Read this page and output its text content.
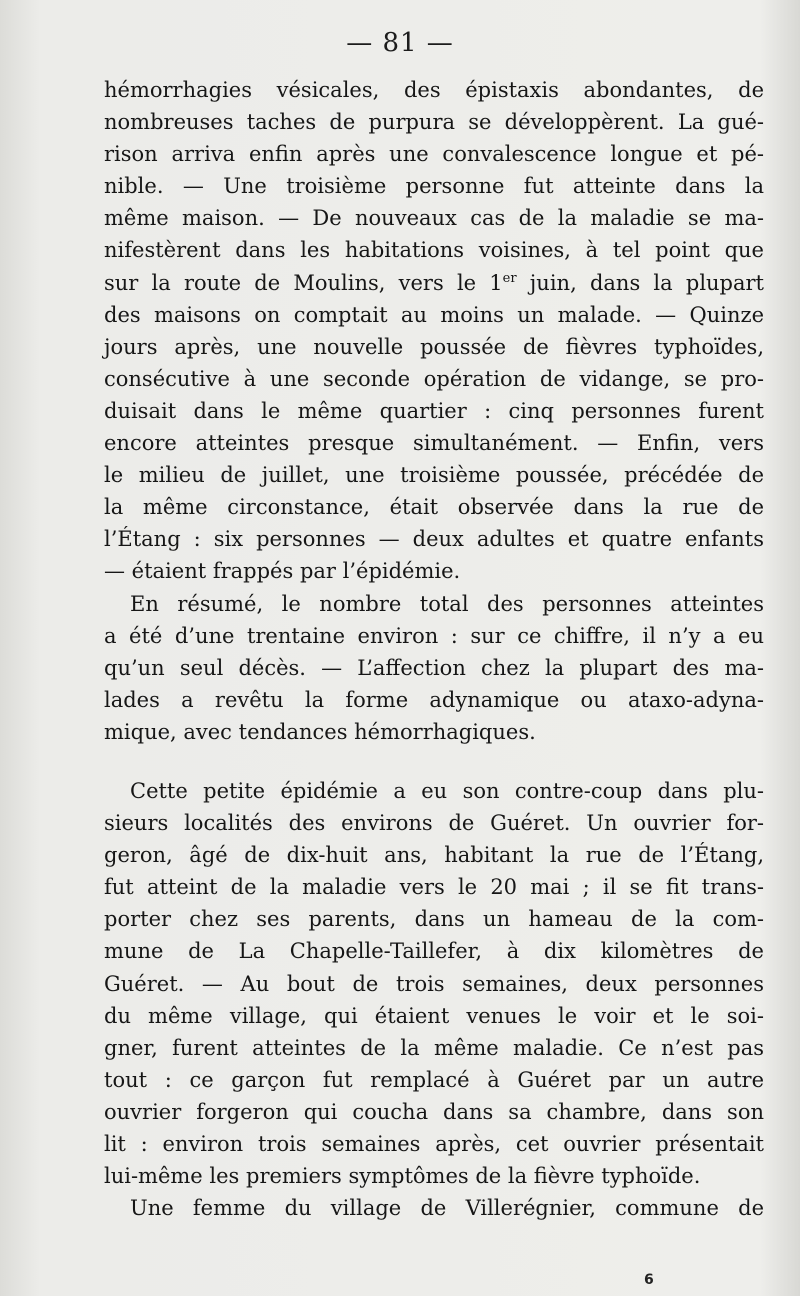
— 81 —
hémorrhagies vésicales, des épistaxis abondantes, de
nombreuses taches de purpura se développèrent. La gué-
rison arriva enfin après une convalescence longue et pé-
nible. — Une troisième personne fut atteinte dans la
même maison. — De nouveaux cas de la maladie se ma-
nifestèrent dans les habitations voisines, à tel point que
sur la route de Moulins, vers le 1er juin, dans la plupart
des maisons on comptait au moins un malade. — Quinze
jours après, une nouvelle poussée de fièvres typhoïdes,
consécutive à une seconde opération de vidange, se pro-
duisait dans le même quartier : cinq personnes furent
encore atteintes presque simultanément. — Enfin, vers
le milieu de juillet, une troisième poussée, précédée de
la même circonstance, était observée dans la rue de
l’Étang : six personnes — deux adultes et quatre enfants
— étaient frappés par l’épidémie.
En résumé, le nombre total des personnes atteintes
a été d’une trentaine environ : sur ce chiffre, il n’y a eu
qu’un seul décès. — L’affection chez la plupart des ma-
lades a revêtu la forme adynamique ou ataxo-adyna-
mique, avec tendances hémorrhagiques.
Cette petite épidémie a eu son contre-coup dans plu-
sieurs localités des environs de Guéret. Un ouvrier for-
geron, âgé de dix-huit ans, habitant la rue de l’Étang,
fut atteint de la maladie vers le 20 mai ; il se fit trans-
porter chez ses parents, dans un hameau de la com-
mune de La Chapelle-Taillefer, à dix kilomètres de
Guéret. — Au bout de trois semaines, deux personnes
du même village, qui étaient venues le voir et le soi-
gner, furent atteintes de la même maladie. Ce n’est pas
tout : ce garçon fut remplacé à Guéret par un autre
ouvrier forgeron qui coucha dans sa chambre, dans son
lit : environ trois semaines après, cet ouvrier présentait
lui-même les premiers symptômes de la fièvre typhoïde.
Une femme du village de Villerégnier, commune de
6
